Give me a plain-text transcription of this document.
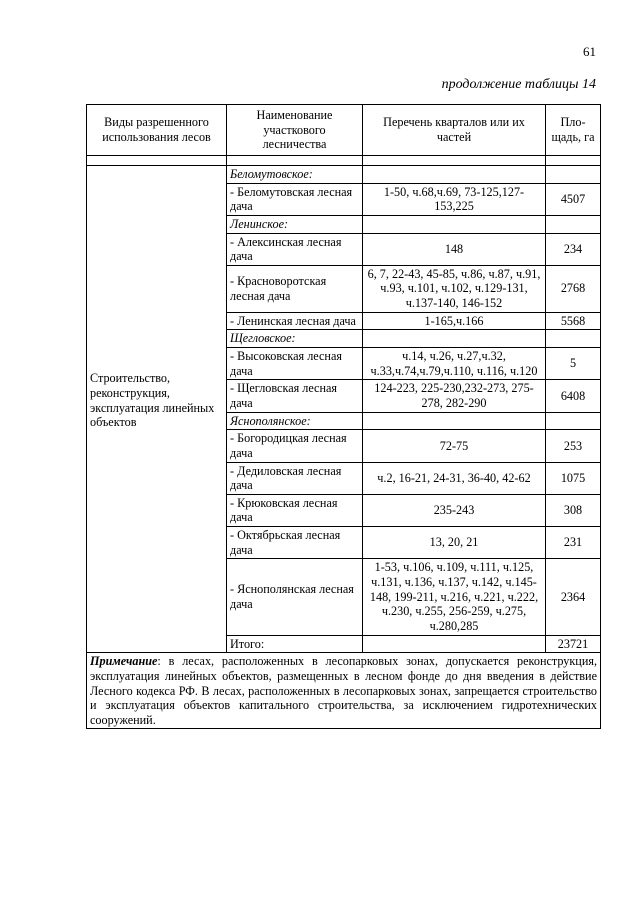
61
продолжение таблицы 14
Виды разрешенного использования лесов	Наименование участкового лесничества	Перечень кварталов или их частей	Пло-щадь, га

Строительство, реконструкция, эксплуатация линейных объектов	Беломутовское:		
	- Беломутовская лесная дача	1-50, ч.68,ч.69, 73-125,127-153,225	4507
	Ленинское:		
	- Алексинская лесная дача	148	234
	- Красноворотская лесная дача	6, 7, 22-43, 45-85, ч.86, ч.87, ч.91, ч.93, ч.101, ч.102, ч.129-131, ч.137-140, 146-152	2768
	- Ленинская лесная дача	1-165,ч.166	5568
	Щегловское:		
	- Высоковская лесная дача	ч.14, ч.26, ч.27,ч.32, ч.33,ч.74,ч.79,ч.110, ч.116, ч.120	5
	- Щегловская лесная дача	124-223, 225-230,232-273, 275-278, 282-290	6408
	Яснополянское:		
	- Богородицкая лесная дача	72-75	253
	- Дедиловская лесная дача	ч.2, 16-21, 24-31, 36-40, 42-62	1075
	- Крюковская лесная дача	235-243	308
	- Октябрьская лесная дача	13, 20, 21	231
	- Яснополянская лесная дача	1-53, ч.106, ч.109, ч.111, ч.125, ч.131, ч.136, ч.137, ч.142, ч.145-148, 199-211, ч.216, ч.221, ч.222, ч.230, ч.255, 256-259, ч.275, ч.280,285	2364
	Итого:		23721
Примечание: в лесах, расположенных в лесопарковых зонах, допускается реконструкция, эксплуатация линейных объектов, размещенных в лесном фонде до дня введения в действие Лесного кодекса РФ. В лесах, расположенных в лесопарковых зонах, запрещается строительство и эксплуатация объектов капитального строительства, за исключением гидротехнических сооружений.			
